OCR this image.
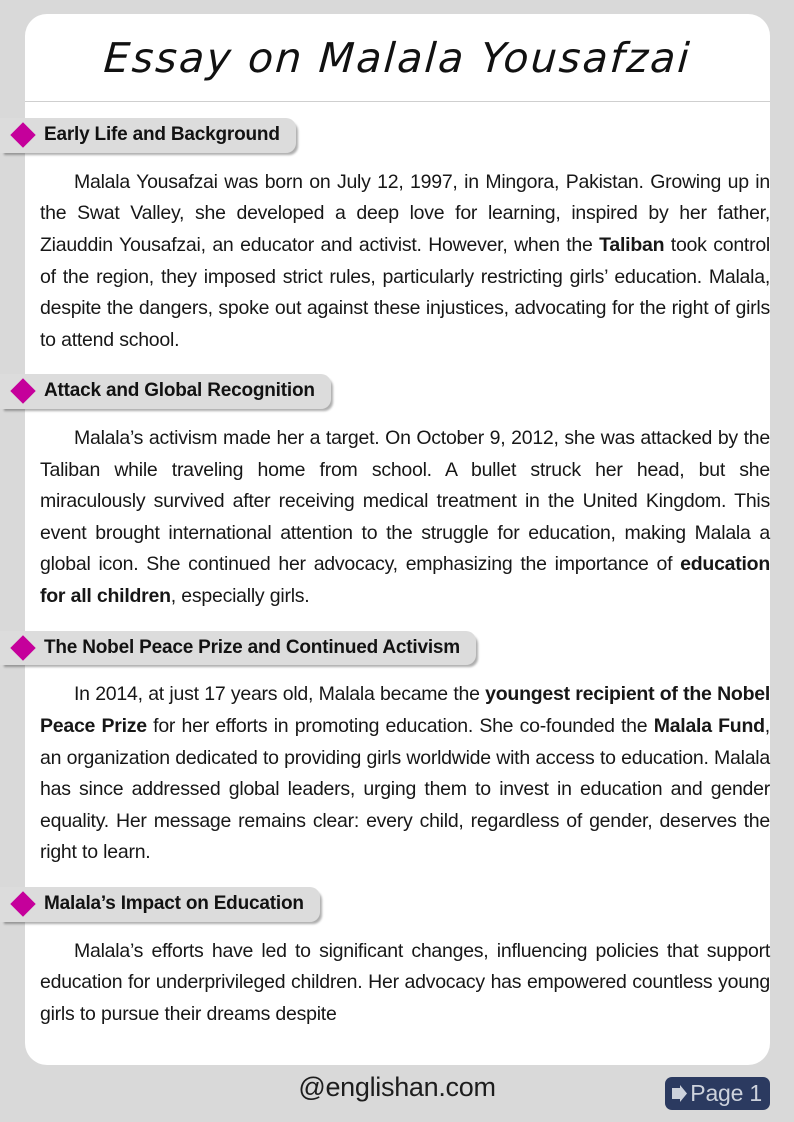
Essay on Malala Yousafzai
Early Life and Background

Malala Yousafzai was born on July 12, 1997, in Mingora, Pakistan. Growing up in the Swat Valley, she developed a deep love for learning, inspired by her father, Ziauddin Yousafzai, an educator and activist. However, when the Taliban took control of the region, they imposed strict rules, particularly restricting girls’ education. Malala, despite the dangers, spoke out against these injustices, advocating for the right of girls to attend school.

Attack and Global Recognition

Malala’s activism made her a target. On October 9, 2012, she was attacked by the Taliban while traveling home from school. A bullet struck her head, but she miraculously survived after receiving medical treatment in the United Kingdom. This event brought international attention to the struggle for education, making Malala a global icon. She continued her advocacy, emphasizing the importance of education for all children, especially girls.

The Nobel Peace Prize and Continued Activism

In 2014, at just 17 years old, Malala became the youngest recipient of the Nobel Peace Prize for her efforts in promoting education. She co-founded the Malala Fund, an organization dedicated to providing girls worldwide with access to education. Malala has since addressed global leaders, urging them to invest in education and gender equality. Her message remains clear: every child, regardless of gender, deserves the right to learn.

Malala’s Impact on Education

Malala’s efforts have led to significant changes, influencing policies that support education for underprivileged children. Her advocacy has empowered countless young girls to pursue their dreams despite

@englishan.com	Page 1
